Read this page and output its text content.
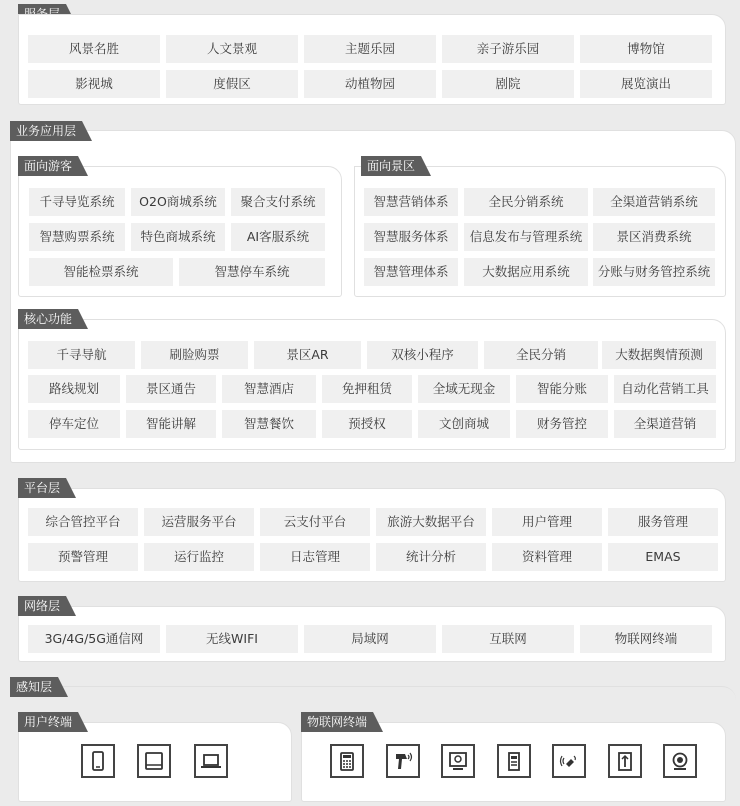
风景名胜	人文景观	主题乐园	亲子游乐园	博物馆
影视城	度假区	动植物园	剧院	展览演出
业务应用层
面向游客	面向景区
核心功能
千寻导览系统	O2O商城系统	聚合支付系统
智慧购票系统	特色商城系统	AI客服系统
智能检票系统	智慧停车系统
智慧营销体系	全民分销系统	全渠道营销系统
智慧服务体系	信息发布与管理系统	景区消费系统
智慧管理体系	大数据应用系统	分账与财务管控系统
千寻导航	刷脸购票	景区AR	双核小程序	全民分销	大数据舆情预测
路线规划	景区通告	智慧酒店	免押租赁	全域无现金	智能分账	自动化营销工具
停车定位	智能讲解	智慧餐饮	预授权	文创商城	财务管控	全渠道营销
平台层
综合管控平台	运营服务平台	云支付平台	旅游大数据平台	用户管理	服务管理
预警管理	运行监控	日志管理	统计分析	资料管理	EMAS
网络层
3G/4G/5G通信网	无线WIFI	局域网	互联网	物联网终端
感知层
用户终端	物联网终端
